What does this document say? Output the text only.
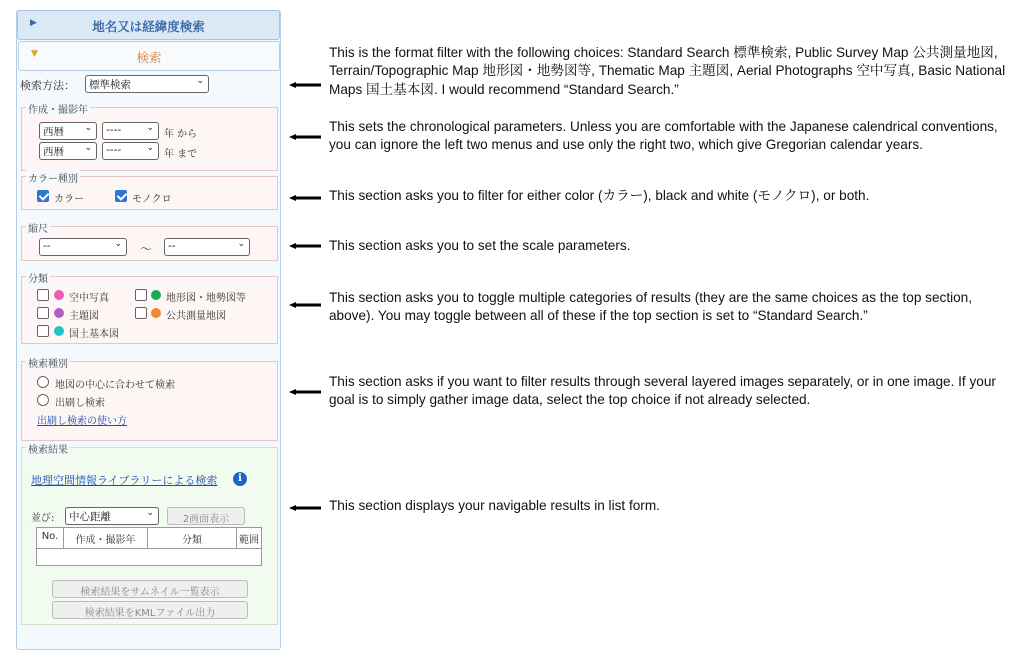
▶	地名又は経緯度検索
▼	検索
検索方法：	標準検索	⌄
作成・撮影年
西暦 ⌄	----	⌄
年 から
西暦 ⌄	----	⌄
年 まで
カラー種別
カラー	モノクロ
縮尺
--	⌄ ～	--	⌄
分類
空中写真	地形図・地勢図等
主題図	公共測量地図
国土基本図
検索種別
地図の中心に合わせて検索
出刷し検索
出刷し検索の使い方
検索結果
地理空間情報ライブラリーによる検索	i
並び:	中心距離	⌄
2画面表示
No.	作成・撮影年	分類	範囲
検索結果をサムネイル一覧表示
検索結果をKMLファイル出力
This is the format filter with the following choices: Standard Search 標準検索, Public Survey Map 公共測量地図, Terrain/Topographic Map 地形図・地勢図等, Thematic Map 主題図, Aerial Photographs 空中写真, Basic National Maps 国土基本図. I would recommend “Standard Search.”
This sets the chronological parameters. Unless you are comfortable with the Japanese calendrical conventions, you can ignore the left two menus and use only the right two, which give Gregorian calendar years.
This section asks you to filter for either color (カラー), black and white (モノクロ), or both.
This section asks you to set the scale parameters.
This section asks you to toggle multiple categories of results (they are the same choices as the top section, above). You may toggle between all of these if the top section is set to “Standard Search.”
This section asks if you want to filter results through several layered images separately, or in one image. If your goal is to simply gather image data, select the top choice if not already selected.
This section displays your navigable results in list form.
